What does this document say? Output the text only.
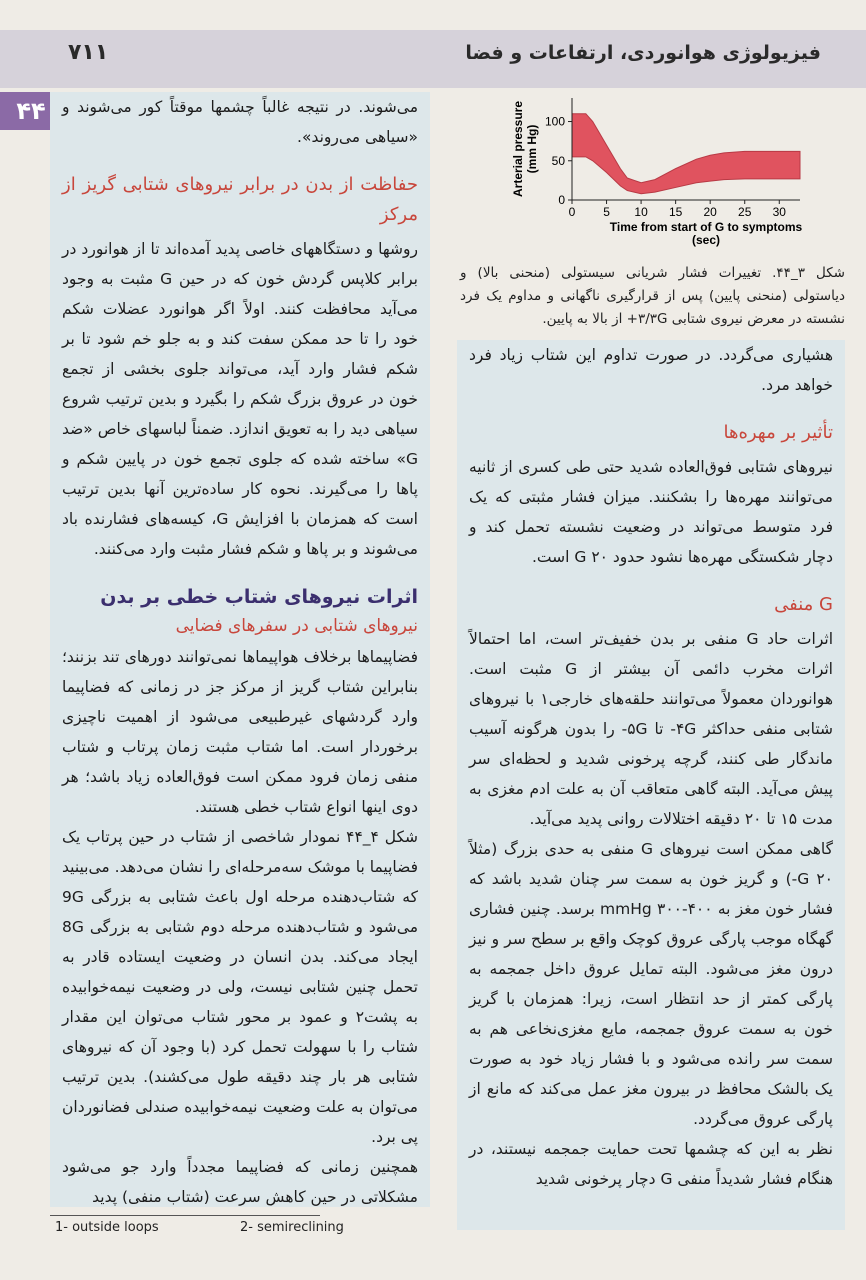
فیزیولوژی هوانوردی، ارتفاعات و فضا
۷۱۱
۴۴	می‌شوند. در نتیجه غالباً چشمها موقتاً کور می‌شوند و «سیاهی می‌روند».

حفاظت از بدن در برابر نیروهای شتابی گریز از مرکز

روشها و دستگاههای خاصی پدید آمده‌اند تا از هوانورد در برابر کلاپس گردش خون که در حین G مثبت به وجود می‌آید محافظت کنند. اولاً اگر هوانورد عضلات شکم خود را تا حد ممکن سفت کند و به جلو خم شود تا بر شکم فشار وارد آید، می‌تواند جلوی بخشی از تجمع خون در عروق بزرگ شکم را بگیرد و بدین ترتیب شروع سیاهی دید را به تعویق اندازد. ضمناً لباسهای خاص «ضد G» ساخته شده که جلوی تجمع خون در پایین شکم و پاها را می‌گیرند. نحوه کار ساده‌ترین آنها بدین ترتیب است که همزمان با افزایش G، کیسه‌های فشارنده باد می‌شوند و بر پاها و شکم فشار مثبت وارد می‌کنند.

اثرات نیروهای شتاب خطی بر بدن
نیروهای شتابی در سفرهای فضایی

فضاپیماها برخلاف هواپیماها نمی‌توانند دورهای تند بزنند؛ بنابراین شتاب گریز از مرکز جز در زمانی که فضاپیما وارد گردشهای غیرطبیعی می‌شود از اهمیت ناچیزی برخوردار است. اما شتاب مثبت زمان پرتاب و شتاب منفی زمان فرود ممکن است فوق‌العاده زیاد باشد؛ هر دوی اینها انواع شتاب خطی هستند.

شکل ۴_۴۴ نمودار شاخصی از شتاب در حین پرتاب یک فضاپیما با موشک سه‌مرحله‌ای را نشان می‌دهد. می‌بینید که شتاب‌دهنده مرحله اول باعث شتابی به بزرگی 9G می‌شود و شتاب‌دهنده مرحله دوم شتابی به بزرگی 8G ایجاد می‌کند. بدن انسان در وضعیت ایستاده قادر به تحمل چنین شتابی نیست، ولی در وضعیت نیمه‌خوابیده به پشت۲ و عمود بر محور شتاب می‌توان این مقدار شتاب را با سهولت تحمل کرد (با وجود آن که نیروهای شتابی هر بار چند دقیقه طول می‌کشند). بدین ترتیب می‌توان به علت وضعیت نیمه‌خوابیده صندلی فضانوردان پی برد.

همچنین زمانی که فضاپیما مجدداً وارد جو می‌شود مشکلاتی در حین کاهش سرعت (شتاب منفی) پدید

0 5 10 15 20 25 30
0
50
100
Time from start of G to symptoms
(sec)
Arterial pressure (mm Hg)
شکل ۳_۴۴. تغییرات فشار شریانی سیستولی (منحنی بالا) و دیاستولی (منحنی پایین) پس از قرارگیری ناگهانی و مداوم یک فرد نشسته در معرض نیروی شتابی ۳/۳G+ از بالا به پایین.

هشیاری می‌گردد. در صورت تداوم این شتاب زیاد فرد خواهد مرد.

تأثیر بر مهره‌ها

نیروهای شتابی فوق‌العاده شدید حتی طی کسری از ثانیه می‌توانند مهره‌ها را بشکنند. میزان فشار مثبتی که یک فرد متوسط می‌تواند در وضعیت نشسته تحمل کند و دچار شکستگی مهره‌ها نشود حدود ۲۰ G است.

G منفی

اثرات حاد G منفی بر بدن خفیف‌تر است، اما احتمالاً اثرات مخرب دائمی آن بیشتر از G مثبت است. هوانوردان معمولاً می‌توانند حلقه‌های خارجی۱ با نیروهای شتابی منفی حداکثر ۴G- تا ۵G- را بدون هرگونه آسیب ماندگار طی کنند، گرچه پرخونی شدید و لحظه‌ای سر پیش می‌آید. البته گاهی متعاقب آن به علت ادم مغزی به مدت ۱۵ تا ۲۰ دقیقه اختلالات روانی پدید می‌آید.

گاهی ممکن است نیروهای G منفی به حدی بزرگ (مثلاً ۲۰ G-) و گریز خون به سمت سر چنان شدید باشد که فشار خون مغز به ۴۰۰-۳۰۰ mmHg برسد. چنین فشاری گهگاه موجب پارگی عروق کوچک واقع بر سطح سر و نیز درون مغز می‌شود. البته تمایل عروق داخل جمجمه به پارگی کمتر از حد انتظار است، زیرا: همزمان با گریز خون به سمت عروق جمجمه، مایع مغزی‌نخاعی هم به سمت سر رانده می‌شود و با فشار زیاد خود به صورت یک بالشک محافظ در بیرون مغز عمل می‌کند که مانع از پارگی عروق می‌گردد.

نظر به این که چشمها تحت حمایت جمجمه نیستند، در هنگام فشار شدیداً منفی G دچار پرخونی شدید

1- outside loops	2- semireclining
